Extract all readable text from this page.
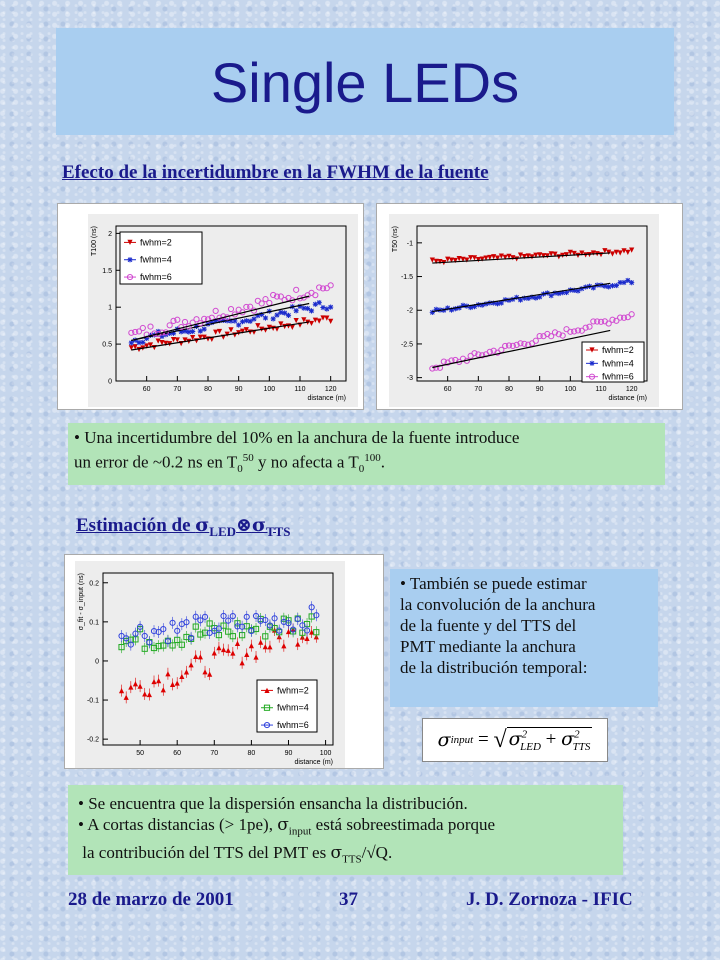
Single LEDs
Efecto de la incertidumbre en la FWHM de la fuente
60	70	80	90	100	110	120
0
0.5
1
1.5
2
distance (m)
T100 (ns)	fwhm=2
fwhm=4
fwhm=6
60	70	80	90	100	110	120
-3
-2.5
-2
-1.5
-1
distance (m)
T50 (ns)
fwhm=2
fwhm=4
fwhm=6
• Una incertidumbre del 10% en la anchura de la fuente introduce
un error de ~0.2 ns en $T_0^{50}$ y no afecta a $T_0^{100}$.
Estimación de $\sigma_{LED}\otimes\sigma_{TTS}$
50	60	70	80	90	100
-0.2
-0.1
0
0.1
0.2
distance (m)
σ_fit - σ_input (ns)
fwhm=2
fwhm=4
fwhm=6
• También se puede estimar
la convolución de la anchura
de la fuente y del TTS del
PMT mediante la anchura
de la distribución temporal:
σ input
=
√ $\sigma^2_{LED} + \sigma^2_{TTS}$
• Se encuentra que la dispersión ensancha la distribución.
• A cortas distancias (> 1pe), $\sigma_{input}$ está sobreestimada porque
la contribución del TTS del PMT es $\sigma_{TTS}/√Q$.
28 de marzo de 2001	37	J. D. Zornoza - IFIC
